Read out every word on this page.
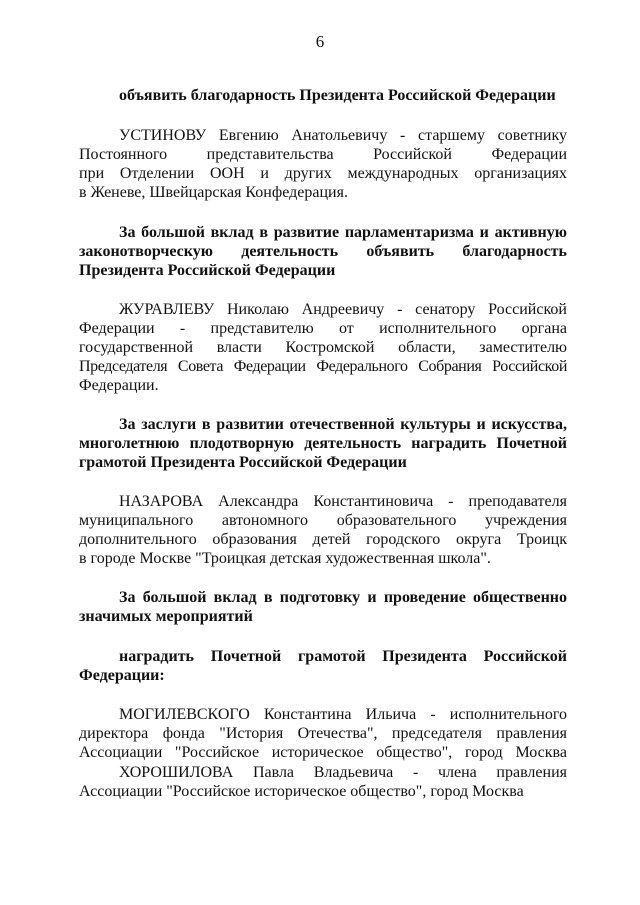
6
объявить благодарность Президента Российской Федерации
УСТИНОВУ Евгению Анатольевичу - старшему советнику
Постоянного представительства Российской Федерации
при Отделении ООН и других международных организациях
в Женеве, Швейцарская Конфедерация.
За большой вклад в развитие парламентаризма и активную
законотворческую деятельность объявить благодарность
Президента Российской Федерации
ЖУРАВЛЕВУ Николаю Андреевичу - сенатору Российской
Федерации - представителю от исполнительного органа
государственной власти Костромской области, заместителю
Председателя Совета Федерации Федерального Собрания Российской
Федерации.
За заслуги в развитии отечественной культуры и искусства,
многолетнюю плодотворную деятельность наградить Почетной
грамотой Президента Российской Федерации
НАЗАРОВА Александра Константиновича - преподавателя
муниципального автономного образовательного учреждения
дополнительного образования детей городского округа Троицк
в городе Москве "Троицкая детская художественная школа".
За большой вклад в подготовку и проведение общественно
значимых мероприятий
наградить Почетной грамотой Президента Российской
Федерации:
МОГИЛЕВСКОГО Константина Ильича - исполнительного
директора фонда "История Отечества", председателя правления
Ассоциации "Российское историческое общество", город Москва
ХОРОШИЛОВА Павла Владьевича - члена правления
Ассоциации "Российское историческое общество", город Москва
